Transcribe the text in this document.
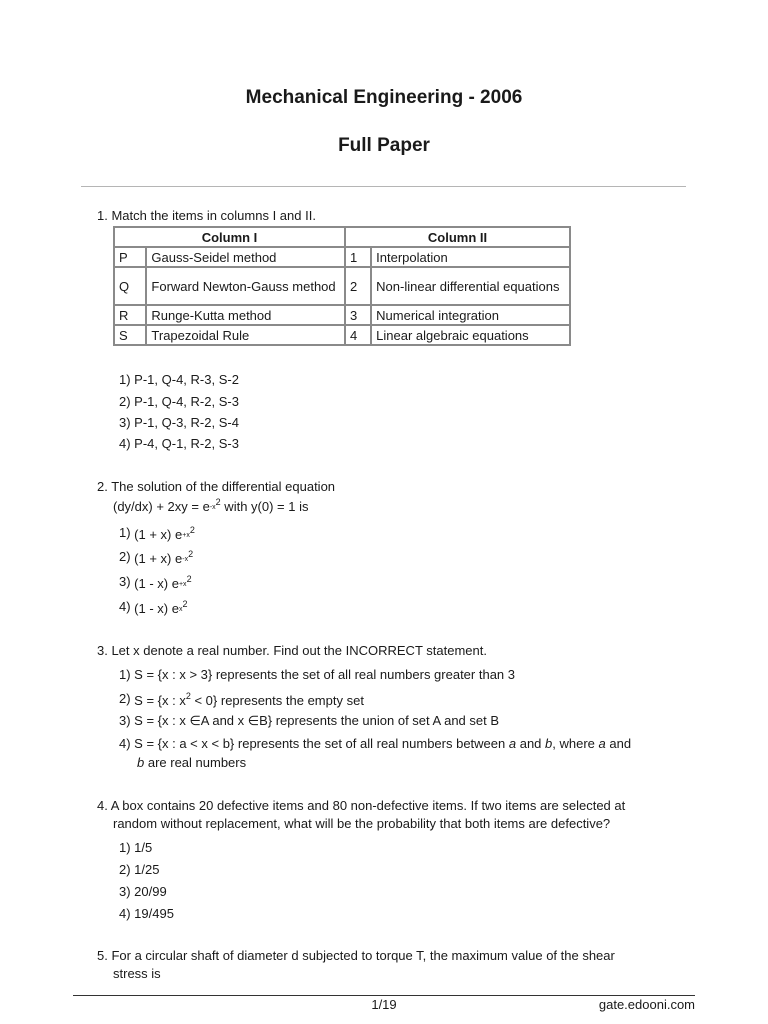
Mechanical Engineering - 2006
Full Paper
1. Match the items in columns I and II.
Column I		Column II	
P	Gauss-Seidel method	1	Interpolation
Q	Forward Newton-Gauss method	2	Non-linear differential equations
R	Runge-Kutta method	3	Numerical integration
S	Trapezoidal Rule	4	Linear algebraic equations
1) P-1, Q-4, R-3, S-2
2) P-1, Q-4, R-2, S-3
3) P-1, Q-3, R-2, S-4
4) P-4, Q-1, R-2, S-3
2. The solution of the differential equation
$(dy/dx) + 2xy = e-x^2$ with y(0) = 1 is
1) (1 + x) $e+x^2$
2) (1 + x) $e-x^2$
3) (1 - x) $e+x^2$
4) (1 - x) $ex^2$
3. Let x denote a real number. Find out the INCORRECT statement.
1) S = {x : x > 3} represents the set of all real numbers greater than 3
2) S = {x : $x^2 < 0$} represents the empty set
3) S = {x : x ∈A and x ∈B} represents the union of set A and set B
4) S = {x : a < x < b} represents the set of all real numbers between a and b, where a and
b are real numbers
4. A box contains 20 defective items and 80 non-defective items. If two items are selected at
random without replacement, what will be the probability that both items are defective?
1) 1/5
2) 1/25
3) 20/99
4) 19/495
5. For a circular shaft of diameter d subjected to torque T, the maximum value of the shear
stress is
1/19	gate.edooni.com
